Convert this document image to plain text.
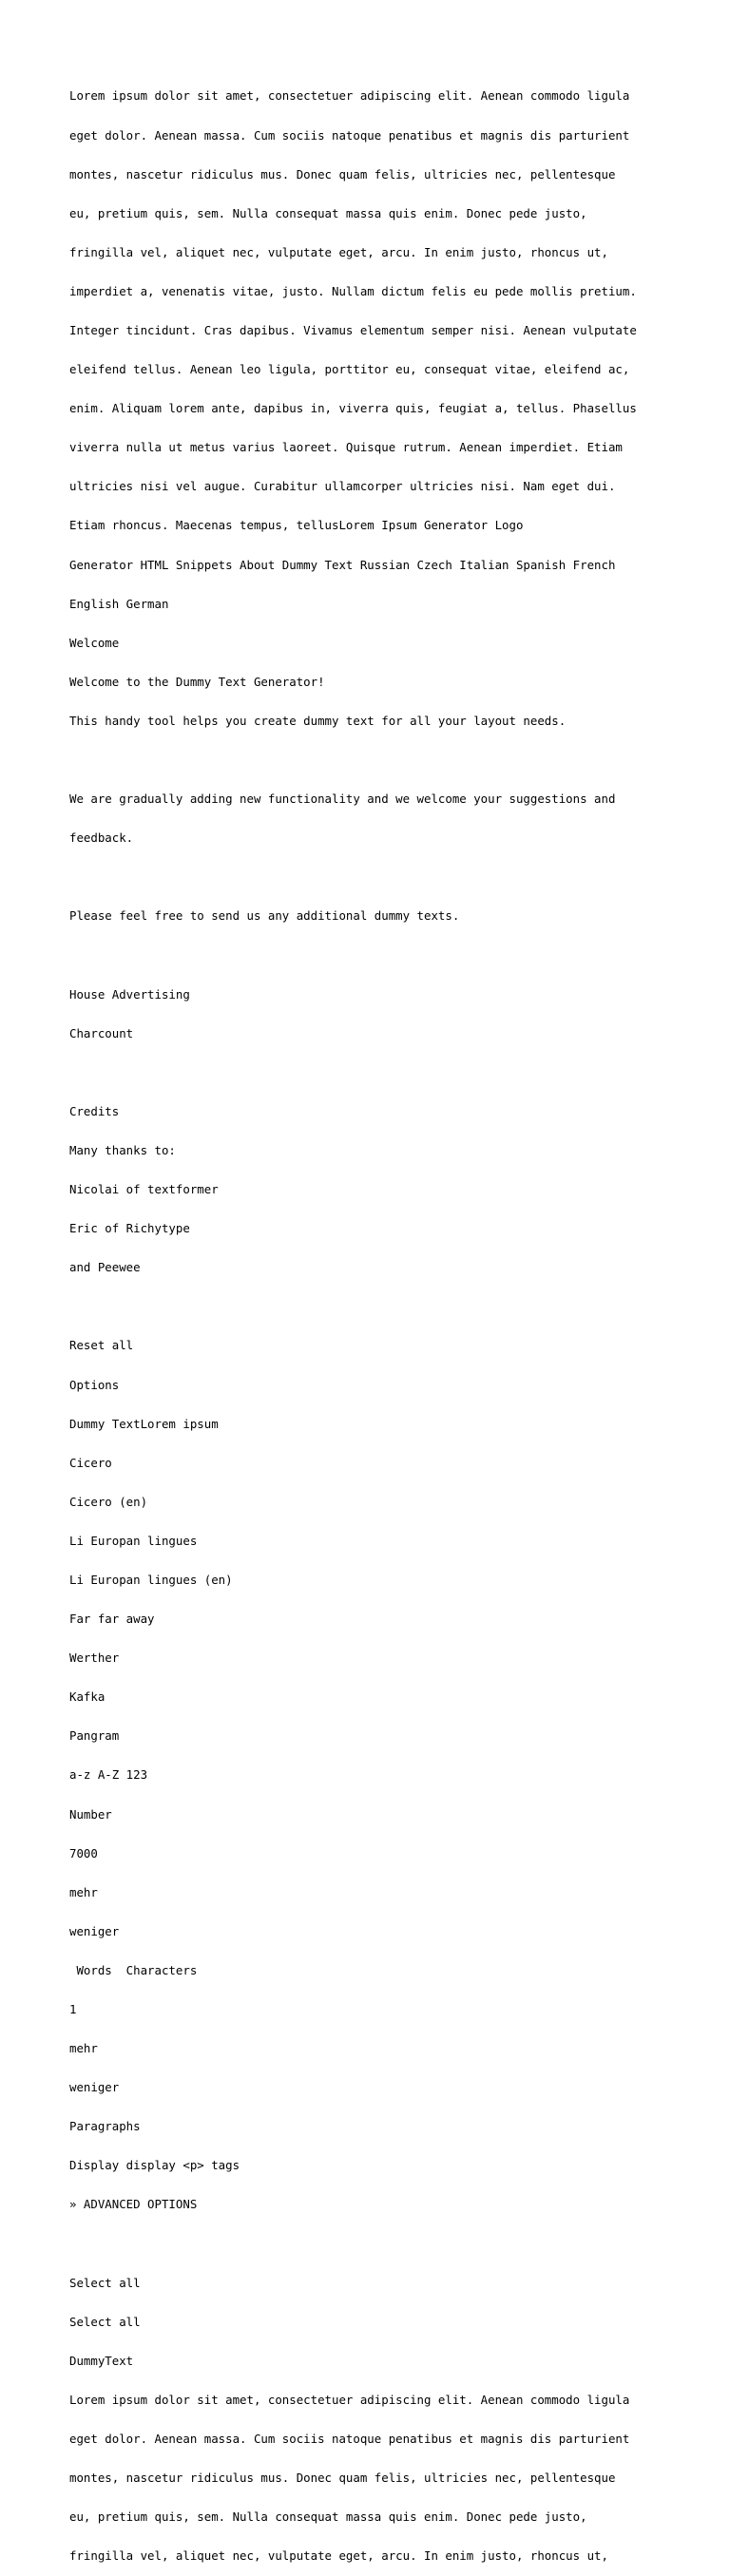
Lorem ipsum dolor sit amet, consectetuer adipiscing elit. Aenean commodo ligula

eget dolor. Aenean massa. Cum sociis natoque penatibus et magnis dis parturient

montes, nascetur ridiculus mus. Donec quam felis, ultricies nec, pellentesque

eu, pretium quis, sem. Nulla consequat massa quis enim. Donec pede justo,

fringilla vel, aliquet nec, vulputate eget, arcu. In enim justo, rhoncus ut,

imperdiet a, venenatis vitae, justo. Nullam dictum felis eu pede mollis pretium.

Integer tincidunt. Cras dapibus. Vivamus elementum semper nisi. Aenean vulputate

eleifend tellus. Aenean leo ligula, porttitor eu, consequat vitae, eleifend ac,

enim. Aliquam lorem ante, dapibus in, viverra quis, feugiat a, tellus. Phasellus

viverra nulla ut metus varius laoreet. Quisque rutrum. Aenean imperdiet. Etiam

ultricies nisi vel augue. Curabitur ullamcorper ultricies nisi. Nam eget dui.

Etiam rhoncus. Maecenas tempus, tellusLorem Ipsum Generator Logo

Generator HTML Snippets About Dummy Text Russian Czech Italian Spanish French

English German

Welcome

Welcome to the Dummy Text Generator!

This handy tool helps you create dummy text for all your layout needs.

We are gradually adding new functionality and we welcome your suggestions and

feedback.

Please feel free to send us any additional dummy texts.

House Advertising

Charcount

Credits

Many thanks to:

Nicolai of textformer

Eric of Richytype

and Peewee

Reset all

Options

Dummy TextLorem ipsum

Cicero

Cicero (en)

Li Europan lingues

Li Europan lingues (en)

Far far away

Werther

Kafka

Pangram

a-z A-Z 123

Number

7000

mehr

weniger

Words  Characters

1

mehr

weniger

Paragraphs

Display display <p> tags

» ADVANCED OPTIONS

Select all

Select all

DummyText

Lorem ipsum dolor sit amet, consectetuer adipiscing elit. Aenean commodo ligula

eget dolor. Aenean massa. Cum sociis natoque penatibus et magnis dis parturient

montes, nascetur ridiculus mus. Donec quam felis, ultricies nec, pellentesque

eu, pretium quis, sem. Nulla consequat massa quis enim. Donec pede justo,

fringilla vel, aliquet nec, vulputate eget, arcu. In enim justo, rhoncus ut,
